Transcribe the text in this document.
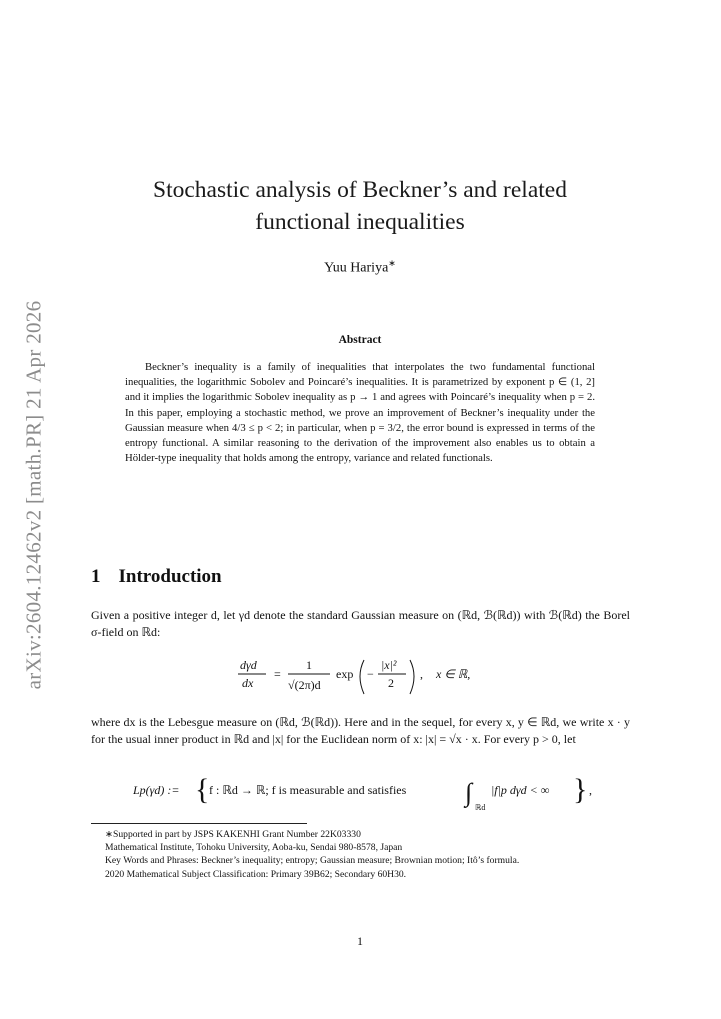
arXiv:2604.12462v2 [math.PR] 21 Apr 2026
Stochastic analysis of Beckner’s and related
functional inequalities
Yuu Hariya∗
Abstract

Beckner’s inequality is a family of inequalities that interpolates the two fundamental functional inequalities, the logarithmic Sobolev and Poincaré’s inequalities. It is parametrized by exponent p ∈ (1, 2] and it implies the logarithmic Sobolev inequality as p → 1 and agrees with Poincaré’s inequality when p = 2. In this paper, employing a stochastic method, we prove an improvement of Beckner’s inequality under the Gaussian measure when 4/3 ≤ p < 2; in particular, when p = 3/2, the error bound is expressed in terms of the entropy functional. A similar reasoning to the derivation of the improvement also enables us to obtain a Hölder-type inequality that holds among the entropy, variance and related functionals.

1 Introduction

Given a positive integer d, let γd denote the standard Gaussian measure on (ℝd, ℬ(ℝd)) with ℬ(ℝd) the Borel σ-field on ℝd:

dγd
dx
=
1
√(2π)d
exp −
|x|²
2
, x ∈ ℝ,

where dx is the Lebesgue measure on (ℝd, ℬ(ℝd)). Here and in the sequel, for every x, y ∈ ℝd, we write x · y for the usual inner product in ℝd and |x| for the Euclidean norm of x: |x| = √x · x. For every p > 0, let

Lp(γd) := { f : ℝd → ℝ; f is measurable and satisfies ∫
ℝd
|f|p dγd < ∞ } ,

∗Supported in part by JSPS KAKENHI Grant Number 22K03330

Mathematical Institute, Tohoku University, Aoba-ku, Sendai 980-8578, Japan

Key Words and Phrases: Beckner’s inequality; entropy; Gaussian measure; Brownian motion; Itô’s formula.

2020 Mathematical Subject Classification: Primary 39B62; Secondary 60H30.

1
